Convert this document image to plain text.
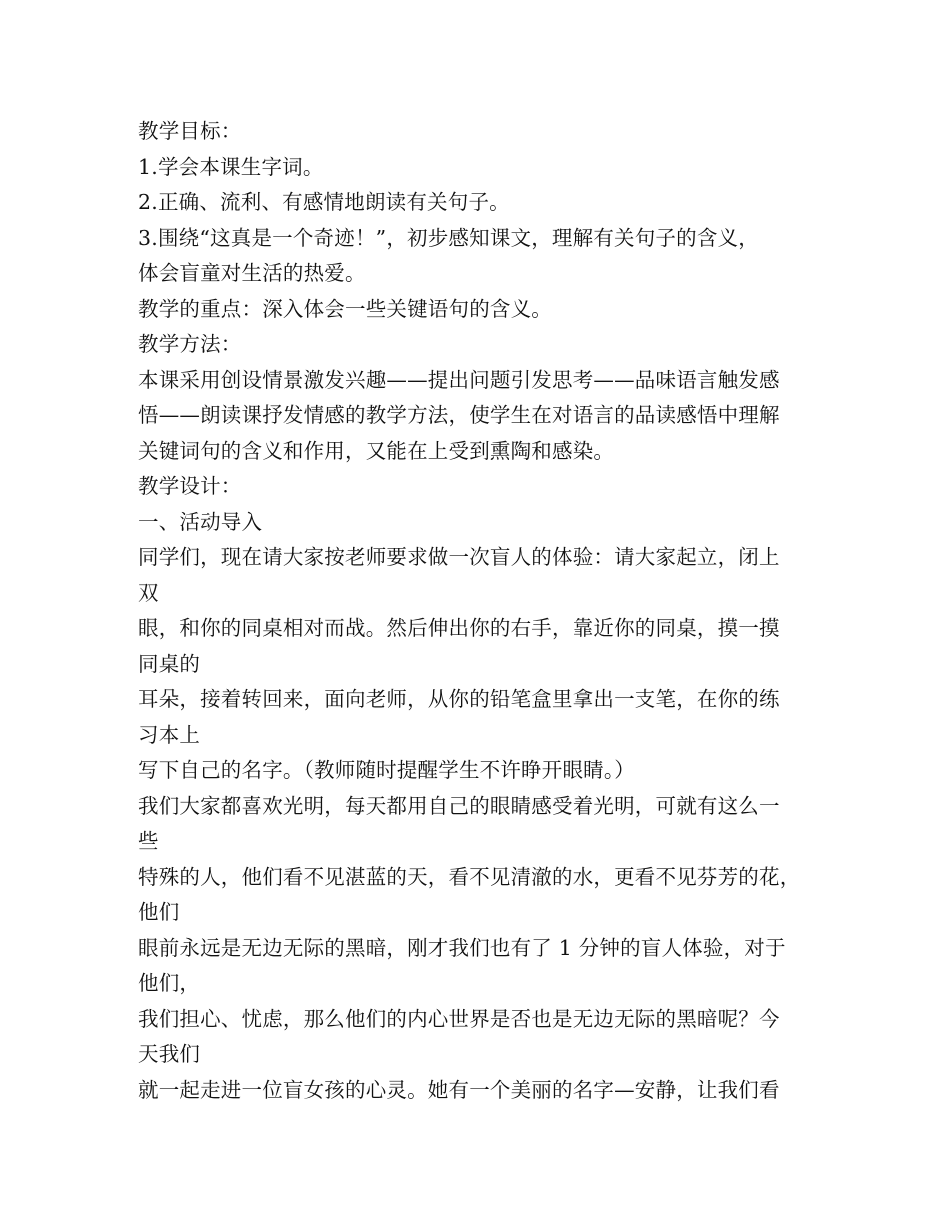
教学目标：
1.学会本课生字词。
2.正确、流利、有感情地朗读有关句子。
3.围绕“这真是一个奇迹！”，初步感知课文，理解有关句子的含义，
体会盲童对生活的热爱。
教学的重点：深入体会一些关键语句的含义。
教学方法：
本课采用创设情景激发兴趣——提出问题引发思考——品味语言触发感
悟——朗读课抒发情感的教学方法，使学生在对语言的品读感悟中理解
关键词句的含义和作用，又能在上受到熏陶和感染。
教学设计：
一、活动导入
同学们，现在请大家按老师要求做一次盲人的体验：请大家起立，闭上
双
眼，和你的同桌相对而战。然后伸出你的右手，靠近你的同桌，摸一摸
同桌的
耳朵，接着转回来，面向老师，从你的铅笔盒里拿出一支笔，在你的练
习本上
写下自己的名字。（教师随时提醒学生不许睁开眼睛。）
我们大家都喜欢光明，每天都用自己的眼睛感受着光明，可就有这么一
些
特殊的人，他们看不见湛蓝的天，看不见清澈的水，更看不见芬芳的花，
他们
眼前永远是无边无际的黑暗，刚才我们也有了 1 分钟的盲人体验，对于
他们，
我们担心、忧虑，那么他们的内心世界是否也是无边无际的黑暗呢？今
天我们
就一起走进一位盲女孩的心灵。她有一个美丽的名字—安静，让我们看
